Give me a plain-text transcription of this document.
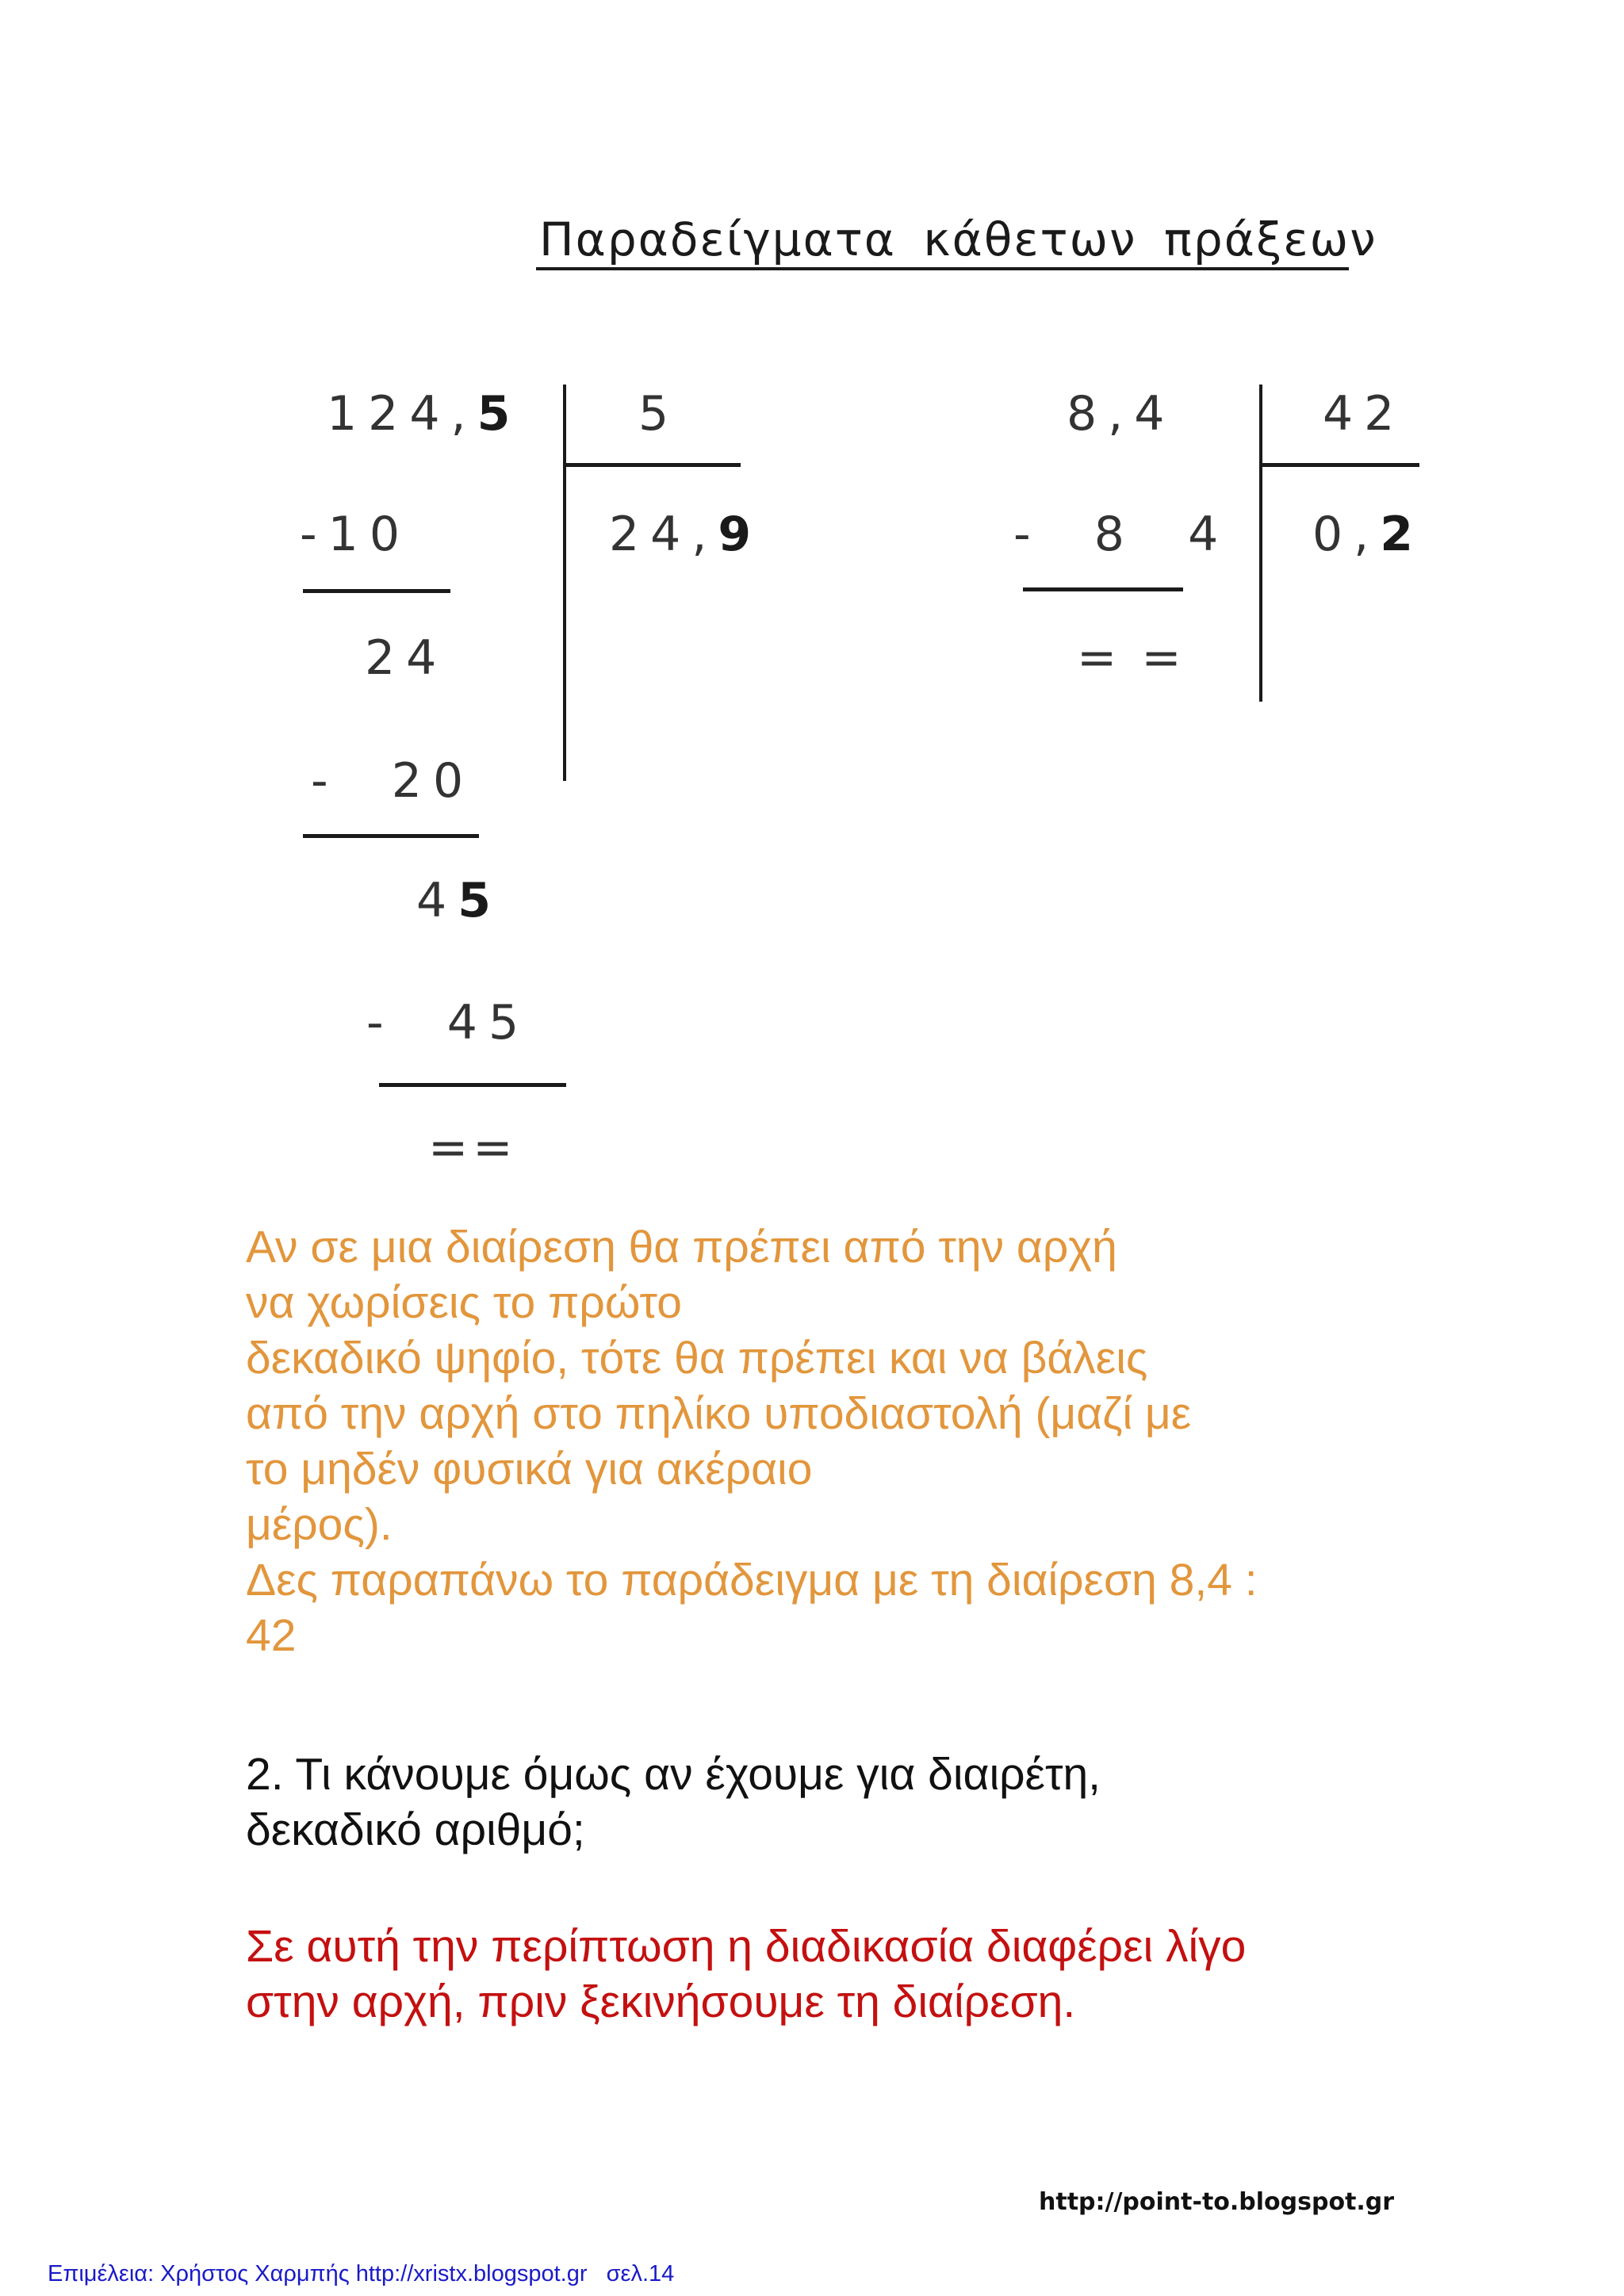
Παραδείγματα κάθετων πράξεων
124,5 5
24,9
-10
24
-  20
45
-  45
==
8,4	42
0,2
-  8  4
= =
Αν σε μια διαίρεση θα πρέπει από την αρχή
να χωρίσεις το πρώτο
δεκαδικό ψηφίο, τότε θα πρέπει και να βάλεις
από την αρχή στο πηλίκο υποδιαστολή (μαζί με
το μηδέν φυσικά για ακέραιο
μέρος).
Δες παραπάνω το παράδειγμα με τη διαίρεση 8,4 :
42
2. Τι κάνουμε όμως αν έχουμε για διαιρέτη,
δεκαδικό αριθμό;
Σε αυτή την περίπτωση η διαδικασία διαφέρει λίγο
στην αρχή, πριν ξεκινήσουμε τη διαίρεση.
http://point-to.blogspot.gr
Επιμέλεια: Χρήστος Χαρμπής http://xristx.blogspot.gr   σελ.14
